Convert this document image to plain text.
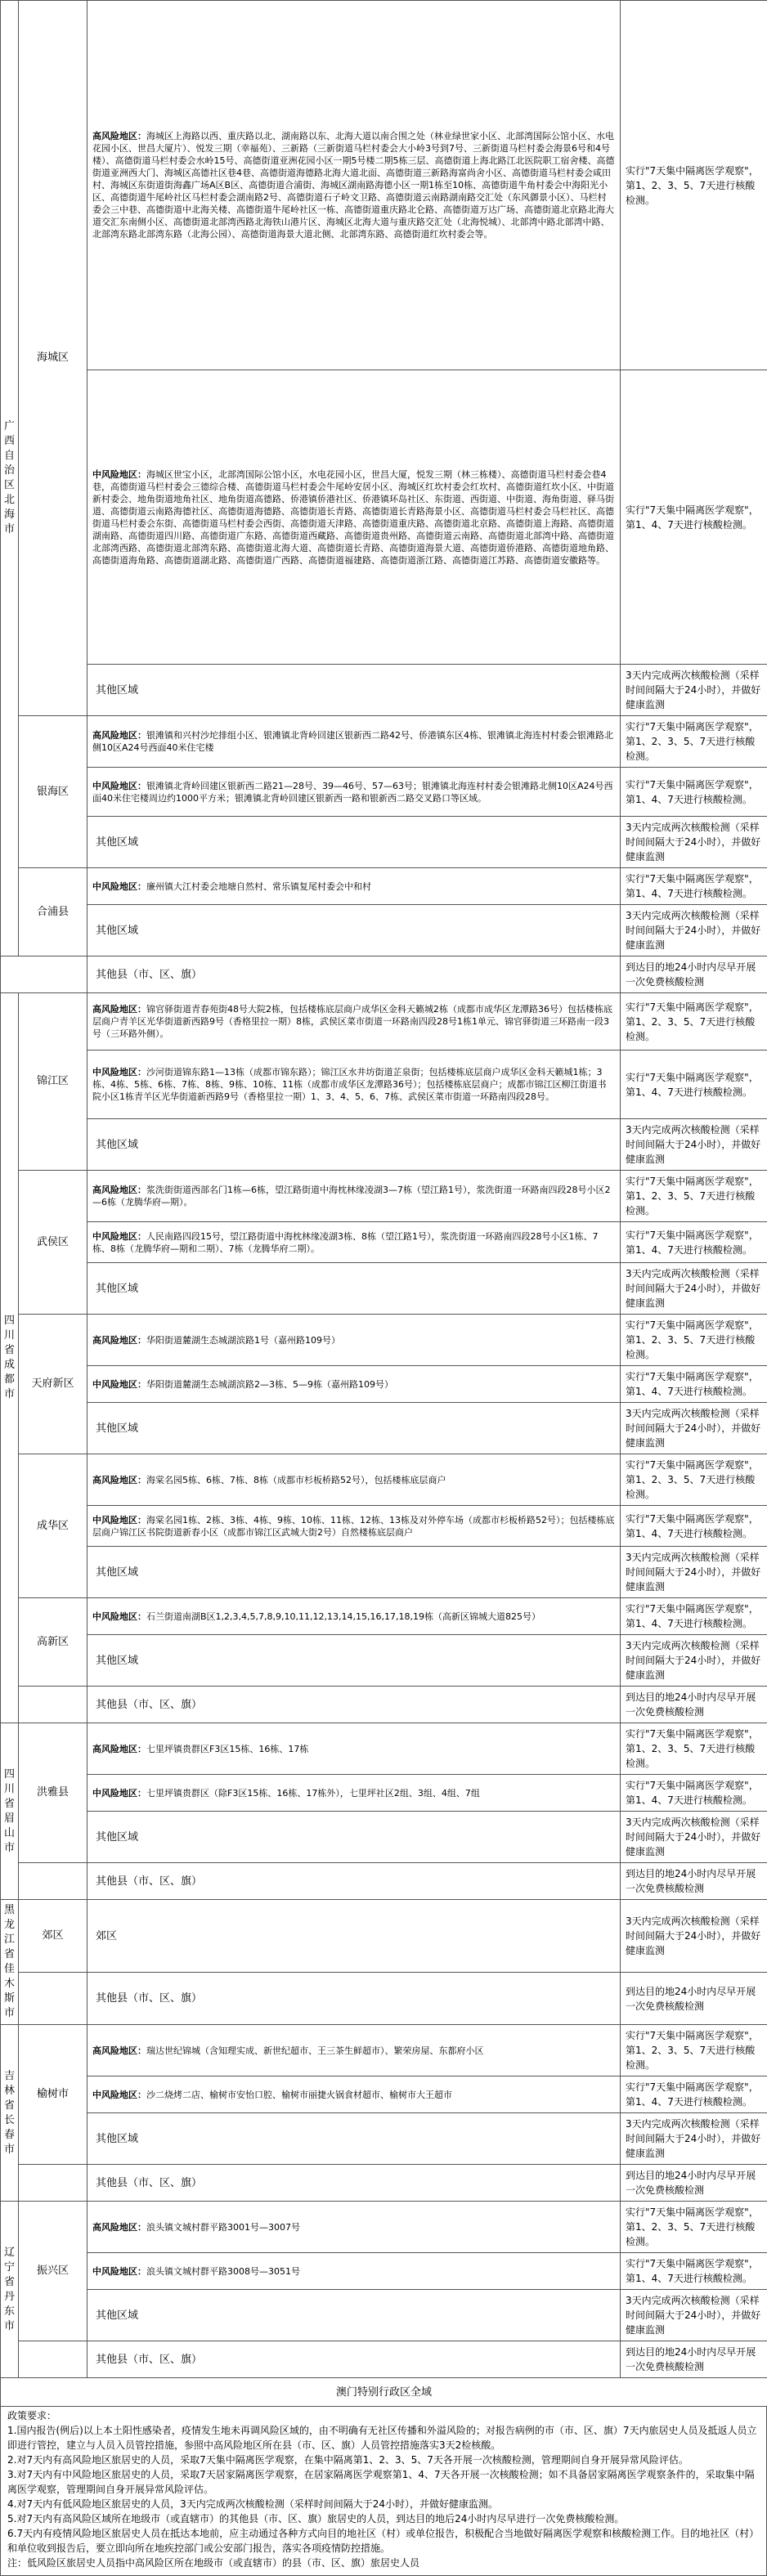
广西自治区北海市	海城区	高风险地区：海城区上海路以西、重庆路以北、湖南路以东、北海大道以南合围之处（林业绿世家小区、北部湾国际公馆小区、水电花园小区、世昌大厦片）、悦发三期（幸福苑）、三新路（三新街道马栏村委会大小岭3号到7号、三新街道马栏村委会海景6号和4号楼）、高德街道马栏村委会水岭15号、高德街道亚洲花园小区一期5号楼二期5栋三层、高德街道上海北路江北医院职工宿舍楼、高德街道亚洲西大门、海城区高德社区巷4巷、高德街道海德路北海大道北面、高德街道三新路海富尚舍小区、高德街道马栏村委会咸田村、海城区东街道街海鑫广场A区B区、高德街道合浦街、海城区湖南路海德小区一期1栋至10栋、高德街道牛角村委会中海阳光小区、高德街道牛尾岭社区马栏村委会湖南路2号、高德街道石子岭文卫路、高德街道云南路湖南路交汇处（东风御景小区）、马栏村委会三中巷、高德街道中北海关楼、高德街道牛尾岭社区一栋、高德街道重庆路北仑路、高德街道万达广场、高德街道北京路北海大道交汇东南侧小区、高德街道北部湾西路北海铁山港片区、海城区北海大道与重庆路交汇处（北海悦城）、北部湾中路北部湾中路、北部湾东路北部湾东路（北海公园）、高德街道海景大道北侧、北部湾东路、高德街道红坎村委会等。	实行"7天集中隔离医学观察"，第1、2、3、5、7天进行核酸检测。
		中风险地区：海城区世宝小区，北部湾国际公馆小区，水电花园小区，世昌大厦，悦发三期（林三栋楼）、高德街道马栏村委会巷4巷，高德街道马栏村委会三德综合楼、高德街道马栏村委会牛尾岭安居小区、海城区红坎村委会红坎村、高德街道红坎小区、中街道新村委会、地角街道地角社区、地角街道高德路、侨港镇侨港社区、侨港镇环岛社区、东街道、西街道、中街道、海角街道、驿马街道、高德街道云南路海德社区、高德街道海德路、高德街道长青路、高德街道长青路海景小区、高德街道马栏村委会马栏社区、高德街道马栏村委会东街、高德街道马栏村委会西街、高德街道天津路、高德街道重庆路、高德街道北京路、高德街道上海路、高德街道湖南路、高德街道四川路、高德街道广东路、高德街道西藏路、高德街道贵州路、高德街道云南路、高德街道北部湾中路、高德街道北部湾西路、高德街道北部湾东路、高德街道北海大道、高德街道长青路、高德街道海景大道、高德街道侨港路、高德街道地角路、高德街道海角路、高德街道湖北路、高德街道广西路、高德街道福建路、高德街道浙江路、高德街道江苏路、高德街道安徽路等。	实行"7天集中隔离医学观察"，第1、4、7天进行核酸检测。
		其他区域	3天内完成两次核酸检测（采样时间间隔大于24小时），并做好健康监测
	银海区	高风险地区：银滩镇和兴村沙坨排组小区、银滩镇北背岭回建区银新西二路42号、侨港镇东区4栋、银滩镇北海连村村委会银滩路北侧10区A24号西面40米住宅楼	实行"7天集中隔离医学观察"，第1、2、3、5、7天进行核酸检测。
		中风险地区：银滩镇北背岭回建区银新西二路21—28号、39—46号、57—63号；银滩镇北海连村村委会银滩路北侧10区A24号西面40米住宅楼周边约1000平方米；银滩镇北背岭回建区银新西一路和银新西二路交叉路口等区域。	实行"7天集中隔离医学观察"，第1、4、7天进行核酸检测。
		其他区域	3天内完成两次核酸检测（采样时间间隔大于24小时），并做好健康监测
	合浦县	中风险地区：廉州镇大江村委会地塘自然村、常乐镇复尾村委会中和村	实行"7天集中隔离医学观察"，第1、4、7天进行核酸检测。
		其他区域	3天内完成两次核酸检测（采样时间间隔大于24小时），并做好健康监测
		其他县（市、区、旗）	到达目的地24小时内尽早开展一次免费核酸检测
四川省成都市	锦江区	高风险地区：锦官驿街道青春苑街48号大院2栋，包括楼栋底层商户成华区金科天籁城2栋（成都市成华区龙潭路36号）包括楼栋底层商户青羊区光华街道新西路9号（香格里拉一期）8栋，武侯区菜市街道一环路南四段28号1栋1单元、锦官驿街道三环路南一段3号（三环路外侧）。	实行"7天集中隔离医学观察"，第1、2、3、5、7天进行核酸检测。
		中风险地区：沙河街道锦东路1—13栋（成都市锦东路）；锦江区水井坊街道芷泉街；包括楼栋底层商户成华区金科天籁城1栋；3栋、4栋、5栋、6栋、7栋、8栋、9栋、10栋、11栋（成都市成华区龙潭路36号）；包括楼栋底层商户；成都市锦江区柳江街道书院小区1栋青羊区光华街道新西路9号（香格里拉一期）1、3、4、5、6、7栋、武侯区菜市街道一环路南四段28号。	实行"7天集中隔离医学观察"，第1、4、7天进行核酸检测。
		其他区域	3天内完成两次核酸检测（采样时间间隔大于24小时），并做好健康监测
	武侯区	高风险地区：浆洗街街道西部名门1栋—6栋，望江路街道中海枕林缘凌湖3—7栋（望江路1号），浆洗街道一环路南四段28号小区2—6栋（龙腾华府—期）。	实行"7天集中隔离医学观察"，第1、2、3、5、7天进行核酸检测。
		中风险地区：人民南路四段15号，望江路街道中海枕林缘凌湖3栋、8栋（望江路1号），浆洗街道一环路南四段28号小区1栋、7栋、8栋（龙腾华府—期和二期）、7栋（龙腾华府二期）。	实行"7天集中隔离医学观察"，第1、4、7天进行核酸检测。
		其他区域	3天内完成两次核酸检测（采样时间间隔大于24小时），并做好健康监测
	天府新区	高风险地区：华阳街道麓湖生态城湖滨路1号（嘉州路109号）	实行"7天集中隔离医学观察"，第1、2、3、5、7天进行核酸检测。
		中风险地区：华阳街道麓湖生态城湖滨路2—3栋、5—9栋（嘉州路109号）	实行"7天集中隔离医学观察"，第1、4、7天进行核酸检测。
		其他区域	3天内完成两次核酸检测（采样时间间隔大于24小时），并做好健康监测
	成华区	高风险地区：海棠名园5栋、6栋、7栋、8栋（成都市杉板桥路52号），包括楼栋底层商户	实行"7天集中隔离医学观察"，第1、2、3、5、7天进行核酸检测。
		中风险地区：海棠名园1栋、2栋、3栋、4栋、9栋、10栋、11栋、12栋、13栋及对外停车场（成都市杉板桥路52号）；包括楼栋底层商户锦江区书院街道新春小区（成都市锦江区武城大街2号）自然楼栋底层商户	实行"7天集中隔离医学观察"，第1、4、7天进行核酸检测。
		其他区域	3天内完成两次核酸检测（采样时间间隔大于24小时），并做好健康监测
	高新区	中风险地区：石兰街道南湖B区1,2,3,4,5,7,8,9,10,11,12,13,14,15,16,17,18,19栋（高新区锦城大道825号）	实行"7天集中隔离医学观察"，第1、4、7天进行核酸检测。
		其他区域	3天内完成两次核酸检测（采样时间间隔大于24小时），并做好健康监测
		其他县（市、区、旗）	到达目的地24小时内尽早开展一次免费核酸检测
四川省眉山市	洪雅县	高风险地区：七里坪镇贵群区F3区15栋、16栋、17栋	实行"7天集中隔离医学观察"，第1、2、3、5、7天进行核酸检测。
		中风险地区：七里坪镇贵群区（除F3区15栋、16栋、17栋外），七里坪社区2组、3组、4组、7组	实行"7天集中隔离医学观察"，第1、4、7天进行核酸检测。
		其他区域	3天内完成两次核酸检测（采样时间间隔大于24小时），并做好健康监测
		其他县（市、区、旗）	到达目的地24小时内尽早开展一次免费核酸检测
黑龙江省佳木斯市	郊区	郊区	3天内完成两次核酸检测（采样时间间隔大于24小时），并做好健康监测
		其他县（市、区、旗）	到达目的地24小时内尽早开展一次免费核酸检测
吉林省长春市	榆树市	高风险地区：瑞达世纪锦城（含知理实成、新世纪超市、王三茶生鲜超市）、繁荣房屋、东都府小区	实行"7天集中隔离医学观察"，第1、2、3、5、7天进行核酸检测。
		中风险地区：沙二烧烤二店、榆树市安怡口腔、榆树市丽捷火锅食材超市、榆树市大王超市	实行"7天集中隔离医学观察"，第1、4、7天进行核酸检测。
		其他区域	3天内完成两次核酸检测（采样时间间隔大于24小时），并做好健康监测
		其他县（市、区、旗）	到达目的地24小时内尽早开展一次免费核酸检测
辽宁省丹东市	振兴区	高风险地区：浪头镇文城村群平路3001号—3007号	实行"7天集中隔离医学观察"，第1、2、3、5、7天进行核酸检测。
		中风险地区：浪头镇文城村群平路3008号—3051号	实行"7天集中隔离医学观察"，第1、4、7天进行核酸检测。
		其他区域	3天内完成两次核酸检测（采样时间间隔大于24小时），并做好健康监测
		其他县（市、区、旗）	到达目的地24小时内尽早开展一次免费核酸检测
澳门特别行政区全域			

政策要求：

1.国内报告(例后)以上本土阳性感染者，疫情发生地未再调风险区域的，由不明确有无社区传播和外溢风险的；对报告病例的市（市、区、旗）7天内旅居史人员及抵返人员立即进行管控，建立与人员入员管控措施，参照中高风险地区所在县（市、区、旗）人员管控措施落实3天2检核酸。

2.对7天内有高风险地区旅居史的人员，采取7天集中隔离医学观察，在集中隔离第1、2、3、5、7天各开展一次核酸检测，管理期间自身开展异常风险评估。

3.对7天内有中风险地区旅居史的人员，采取7天居家隔离医学观察，在居家隔离医学观察第1、4、7天各开展一次核酸检测；如不具备居家隔离医学观察条件的，采取集中隔离医学观察，管理期间自身开展异常风险评估。

4.对7天内有低风险地区旅居史的人员，3天内完成两次核酸检测（采样时间间隔大于24小时），并做好健康监测。

5.对7天内有高风险区域所在地级市（或直辖市）的其他县（市、区、旗）旅居史的人员，到达目的地后24小时内尽早进行一次免费核酸检测。

6.7天内有疫情风险地区旅居史人员在抵达本地前，应主动通过各种方式向目的地社区（村）或单位报告，积极配合当地做好隔离医学观察和核酸检测工作。目的地社区（村）和单位收到报告后，要立即向所在地疾控部门或公安部门报告，落实各项疫情防控措施。

注：低风险区旅居史人员指中高风险区所在地级市（或直辖市）的县（市、区、旗）旅居史人员
